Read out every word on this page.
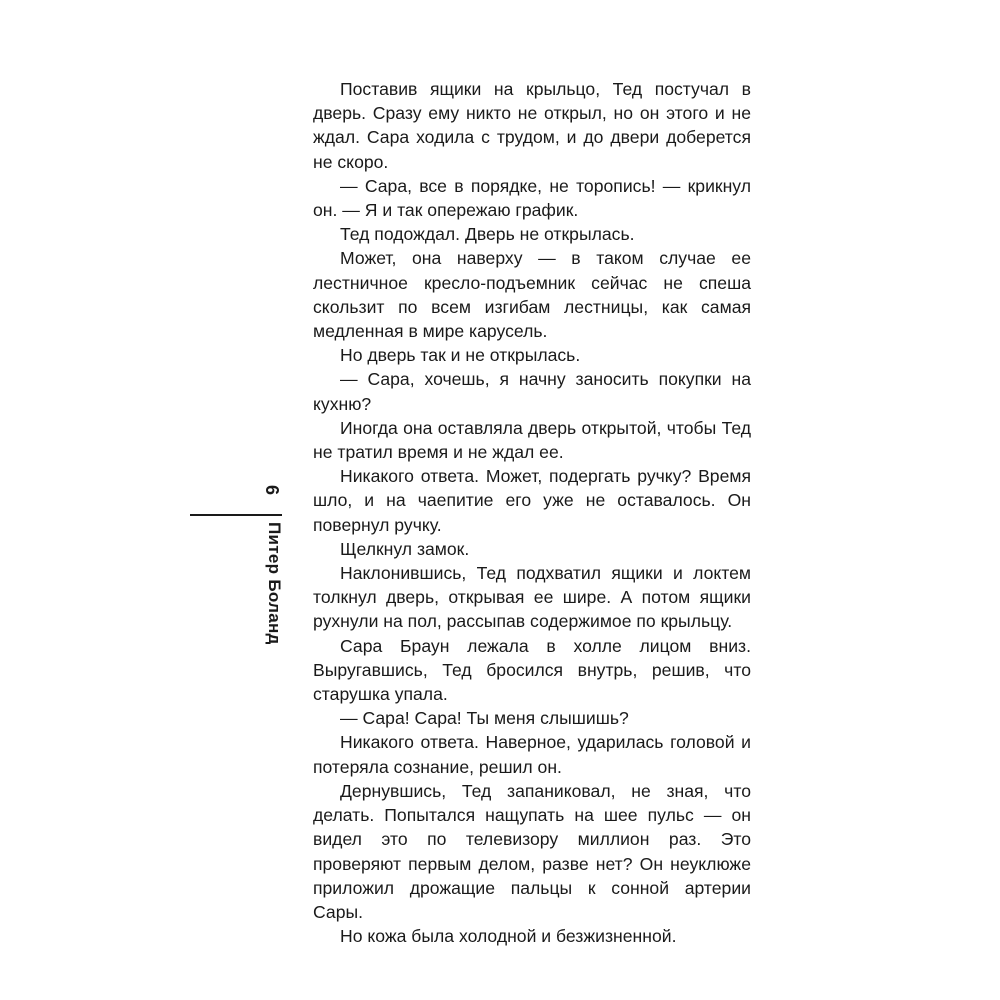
6
Питер Боланд

Поставив ящики на крыльцо, Тед постучал в дверь. Сразу ему никто не открыл, но он этого и не ждал. Сара ходила с трудом, и до двери доберется не скоро.

— Сара, все в порядке, не торопись! — крикнул он. — Я и так опережаю график.

Тед подождал. Дверь не открылась.

Может, она наверху — в таком случае ее лестничное кресло-подъемник сейчас не спеша скользит по всем изгибам лестницы, как самая медленная в мире карусель.

Но дверь так и не открылась.

— Сара, хочешь, я начну заносить покупки на кухню?

Иногда она оставляла дверь открытой, чтобы Тед не тратил время и не ждал ее.

Никакого ответа. Может, подергать ручку? Время шло, и на чаепитие его уже не оставалось. Он повернул ручку.

Щелкнул замок.

Наклонившись, Тед подхватил ящики и локтем толкнул дверь, открывая ее шире. А потом ящики рухнули на пол, рассыпав содержимое по крыльцу.

Сара Браун лежала в холле лицом вниз. Выругавшись, Тед бросился внутрь, решив, что старушка упала.

— Сара! Сара! Ты меня слышишь?

Никакого ответа. Наверное, ударилась головой и потеряла сознание, решил он.

Дернувшись, Тед запаниковал, не зная, что делать. Попытался нащупать на шее пульс — он видел это по телевизору миллион раз. Это проверяют первым делом, разве нет? Он неуклюже приложил дрожащие пальцы к сонной артерии Сары.

Но кожа была холодной и безжизненной.
